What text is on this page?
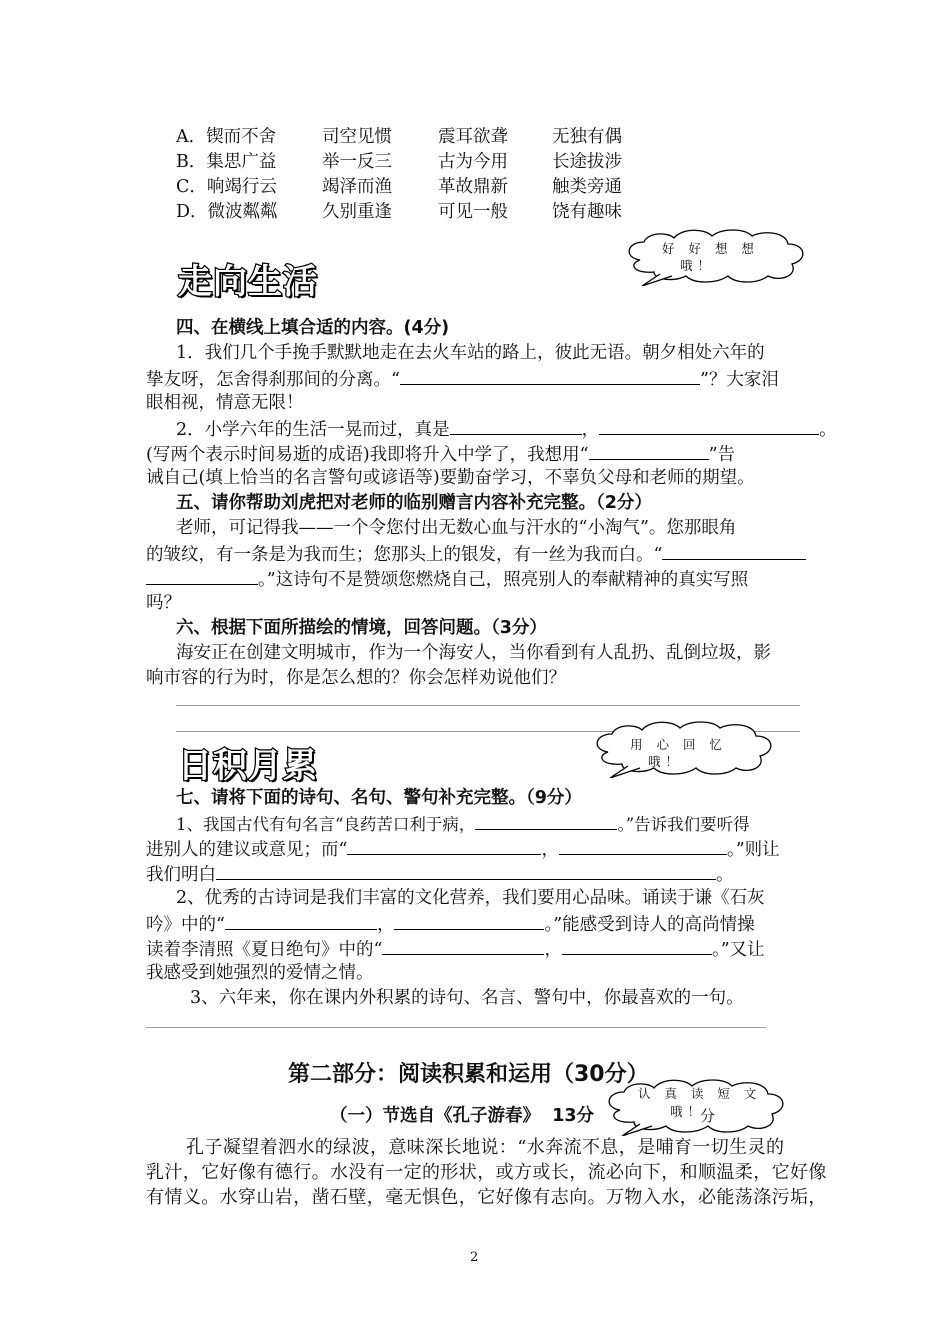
A．锲而不舍	司空见惯	震耳欲聋	无独有偶
B．集思广益	举一反三	古为今用	长途拔涉
C．响竭行云	竭泽而渔	革故鼎新	触类旁通
D．微波粼粼	久别重逢	可见一般	饶有趣味
好 好 想 想
哦！
走向生活
四、在横线上填合适的内容。(4分)
1．我们几个手挽手默默地走在去火车站的路上，彼此无语。朝夕相处六年的
挚友呀，怎舍得刹那间的分离。“	”？大家泪
眼相视，情意无限！
2．小学六年的生活一晃而过，真是	，	。
(写两个表示时间易逝的成语)我即将升入中学了，我想用“	”告
诫自己(填上恰当的名言警句或谚语等)要勤奋学习，不辜负父母和老师的期望。
五、请你帮助刘虎把对老师的临别赠言内容补充完整。（2分）
老师，可记得我——一个令您付出无数心血与汗水的“小淘气”。您那眼角
的皱纹，有一条是为我而生；您那头上的银发，有一丝为我而白。“
。”这诗句不是赞颂您燃烧自己，照亮别人的奉献精神的真实写照
吗？
六、根据下面所描绘的情境，回答问题。（3分）
海安正在创建文明城市，作为一个海安人，当你看到有人乱扔、乱倒垃圾，影
响市容的行为时，你是怎么想的？你会怎样劝说他们？
日积月累
用 心 回 忆
哦！
七、请将下面的诗句、名句、警句补充完整。（9分）
1、我国古代有句名言“良药苦口利于病，	。”告诉我们要听得
进别人的建议或意见；而“	，	。”则让
我们明白	。
2、优秀的古诗词是我们丰富的文化营养，我们要用心品味。诵读于谦《石灰
吟》中的“	，	。”能感受到诗人的高尚情操
读着李清照《夏日绝句》中的“	，	。”又让
我感受到她强烈的爱情之情。
3、六年来，你在课内外积累的诗句、名言、警句中，你最喜欢的一句。
第二部分：阅读积累和运用（30分）
认 真 读 短 文
哦！
（一）节选自《孔子游春》 13分	分
孔子凝望着泗水的绿波，意味深长地说：“水奔流不息，是哺育一切生灵的
乳汁，它好像有德行。水没有一定的形状，或方或长，流必向下，和顺温柔，它好像
有情义。水穿山岩，凿石壁，毫无惧色，它好像有志向。万物入水，必能荡涤污垢，
2
